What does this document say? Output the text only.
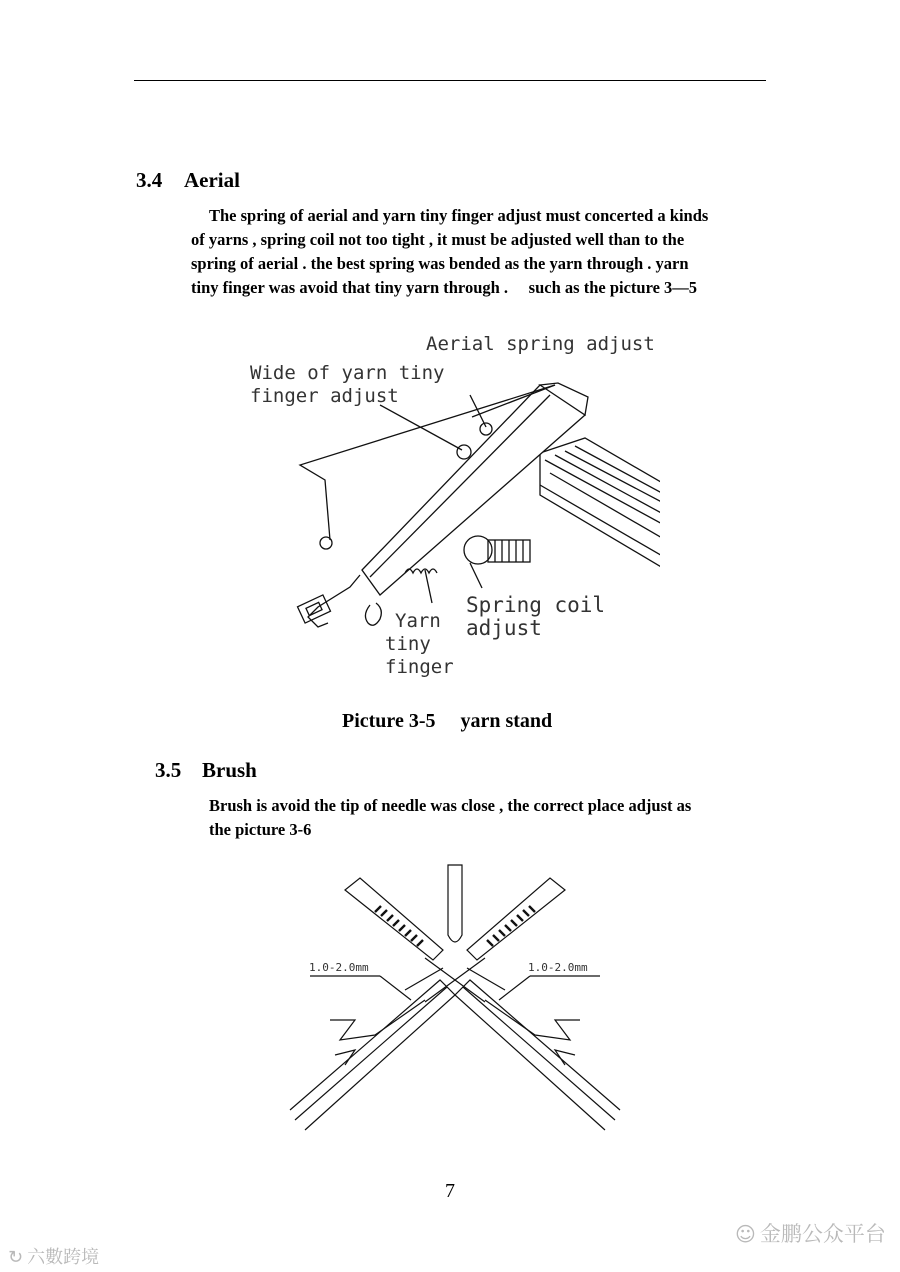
3.4 Aerial
The spring of aerial and yarn tiny finger adjust must concerted a kinds
of yarns , spring coil not too tight , it must be adjusted well than to the
spring of aerial . the best spring was bended as the yarn through . yarn
tiny finger was avoid that tiny yarn through .     such as the picture 3—5
Aerial spring adjust
Wide of yarn tiny
finger adjust
Spring coil
adjust
Yarn
tiny
finger
Picture 3-5     yarn stand
3.5 Brush
Brush is avoid the tip of needle was close , the correct place adjust as
the picture 3-6
1.0-2.0mm	1.0-2.0mm
7
☺ 金鹏公众平台
↻ 六數跨境
